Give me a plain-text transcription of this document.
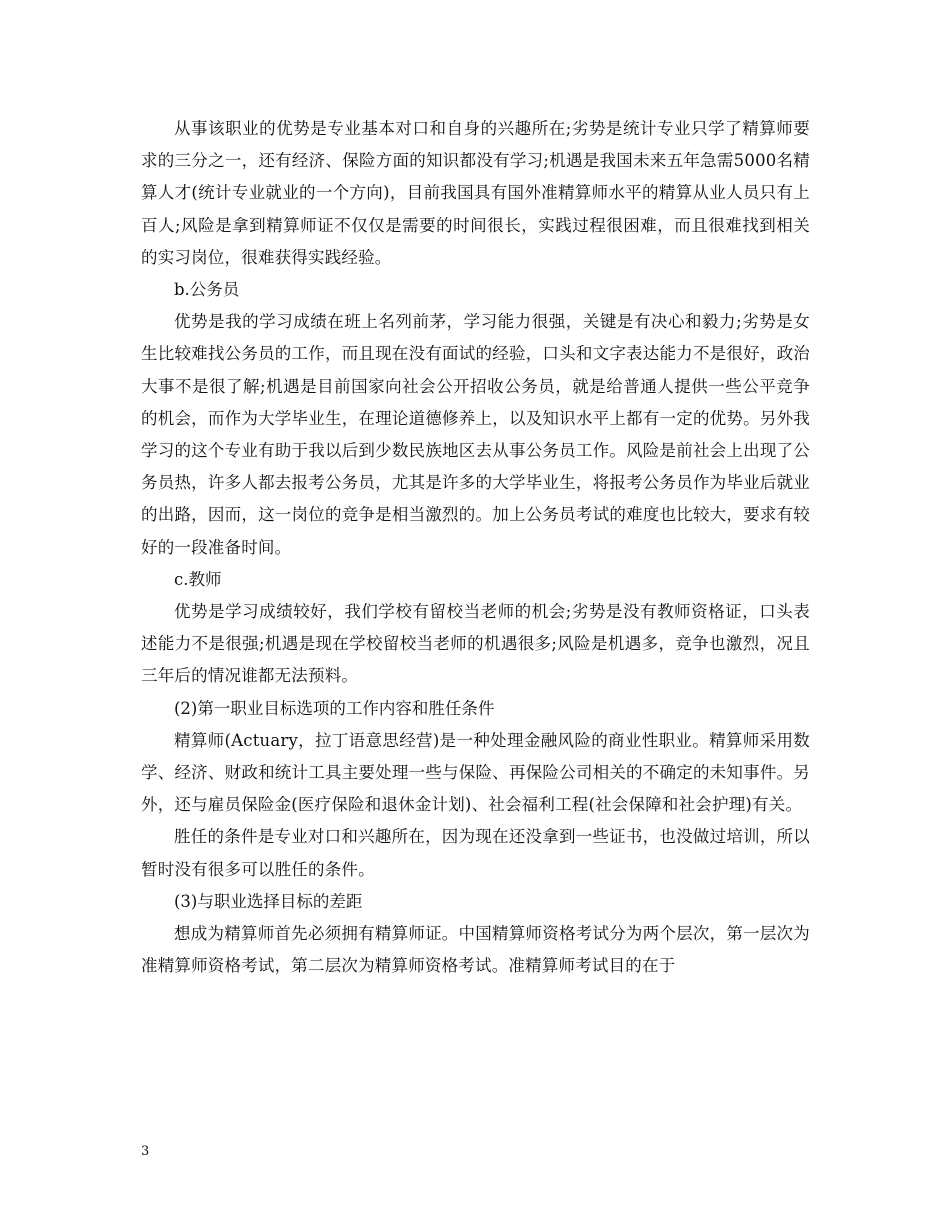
从事该职业的优势是专业基本对口和自身的兴趣所在;劣势是统计专业只学了精算师要求的三分之一，还有经济、保险方面的知识都没有学习;机遇是我国未来五年急需5000名精算人才(统计专业就业的一个方向)，目前我国具有国外准精算师水平的精算从业人员只有上百人;风险是拿到精算师证不仅仅是需要的时间很长，实践过程很困难，而且很难找到相关的实习岗位，很难获得实践经验。

b.公务员

优势是我的学习成绩在班上名列前茅，学习能力很强，关键是有决心和毅力;劣势是女生比较难找公务员的工作，而且现在没有面试的经验，口头和文字表达能力不是很好，政治大事不是很了解;机遇是目前国家向社会公开招收公务员，就是给普通人提供一些公平竞争的机会，而作为大学毕业生，在理论道德修养上，以及知识水平上都有一定的优势。另外我学习的这个专业有助于我以后到少数民族地区去从事公务员工作。风险是前社会上出现了公务员热，许多人都去报考公务员，尤其是许多的大学毕业生，将报考公务员作为毕业后就业的出路，因而，这一岗位的竞争是相当激烈的。加上公务员考试的难度也比较大，要求有较好的一段准备时间。

c.教师

优势是学习成绩较好，我们学校有留校当老师的机会;劣势是没有教师资格证，口头表述能力不是很强;机遇是现在学校留校当老师的机遇很多;风险是机遇多，竞争也激烈，况且三年后的情况谁都无法预料。

(2)第一职业目标选项的工作内容和胜任条件

精算师(Actuary，拉丁语意思经营)是一种处理金融风险的商业性职业。精算师采用数学、经济、财政和统计工具主要处理一些与保险、再保险公司相关的不确定的未知事件。另外，还与雇员保险金(医疗保险和退休金计划)、社会福利工程(社会保障和社会护理)有关。

胜任的条件是专业对口和兴趣所在，因为现在还没拿到一些证书，也没做过培训，所以暂时没有很多可以胜任的条件。

(3)与职业选择目标的差距

想成为精算师首先必须拥有精算师证。中国精算师资格考试分为两个层次，第一层次为准精算师资格考试，第二层次为精算师资格考试。准精算师考试目的在于

3
